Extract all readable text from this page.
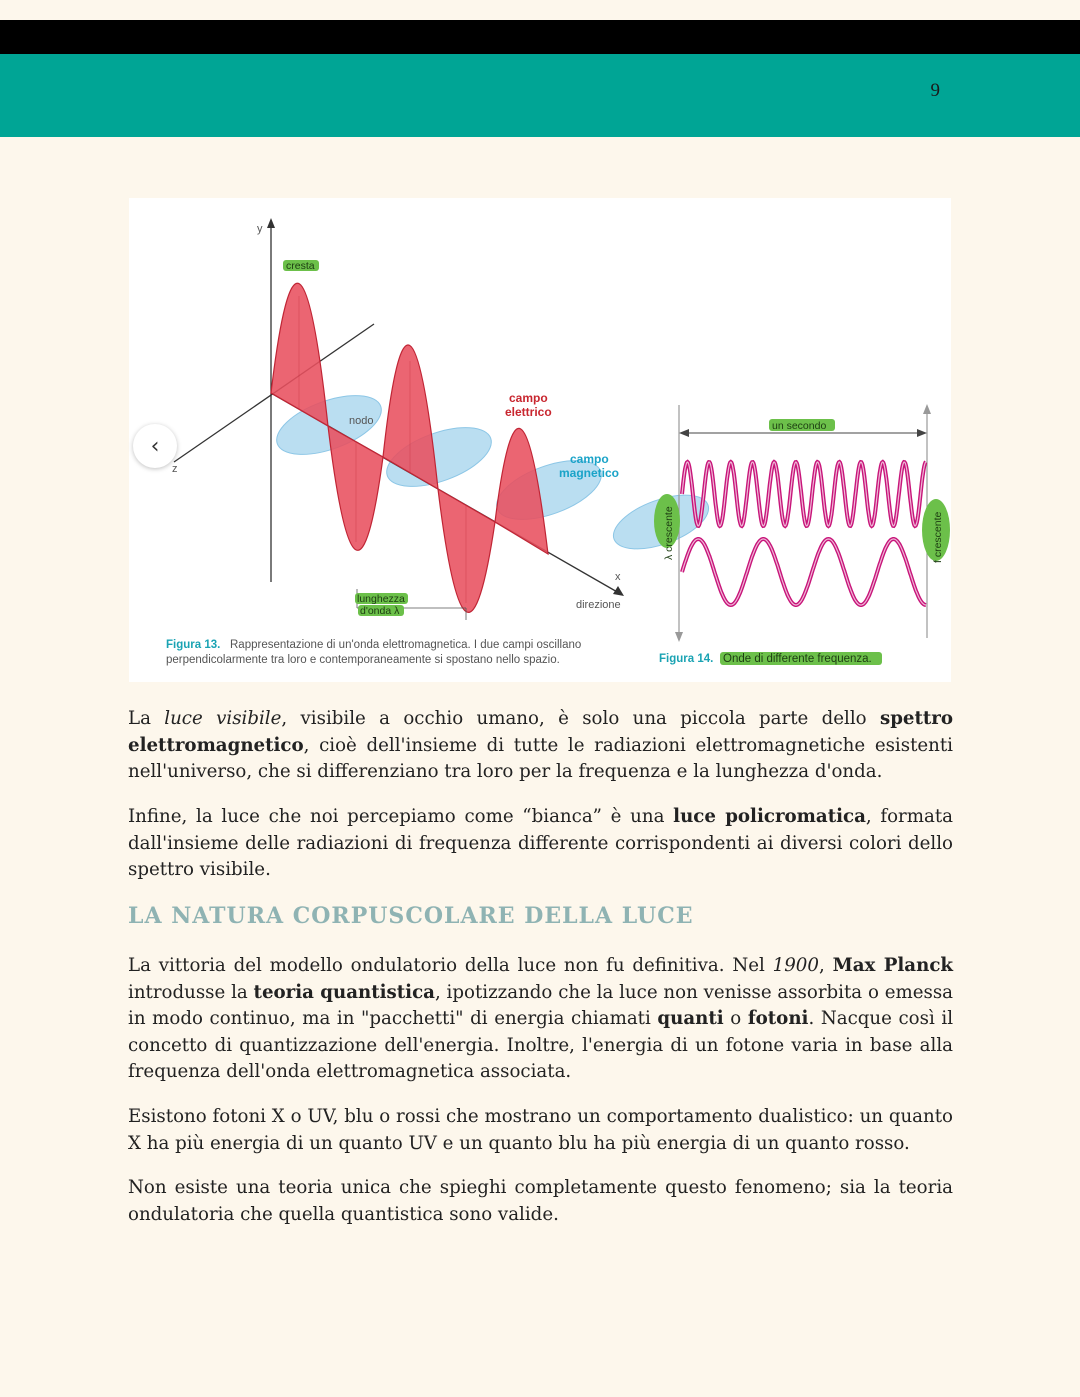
9
y
z
x
cresta
nodo
campo
elettrico
campo
magnetico
lunghezza
d'onda λ	direzione
Figura 13. Rappresentazione di un'onda elettromagnetica. I due campi oscillano
perpendicolarmente tra loro e contemporaneamente si spostano nello spazio.
λ crescente	f crescente
un secondo
Figura 14. Onde di differente frequenza.
‹

La luce visibile, visibile a occhio umano, è solo una piccola parte dello spettro elettromagnetico, cioè dell'insieme di tutte le radiazioni elettromagnetiche esistenti nell'universo, che si differenziano tra loro per la frequenza e la lunghezza d'onda.

Infine, la luce che noi percepiamo come “bianca” è una luce policromatica, formata dall'insieme delle radiazioni di frequenza differente corrispondenti ai diversi colori dello spettro visibile.

LA NATURA CORPUSCOLARE DELLA LUCE

La vittoria del modello ondulatorio della luce non fu definitiva. Nel 1900, Max Planck introdusse la teoria quantistica, ipotizzando che la luce non venisse assorbita o emessa in modo continuo, ma in "pacchetti" di energia chiamati quanti o fotoni. Nacque così il concetto di quantizzazione dell'energia. Inoltre, l'energia di un fotone varia in base alla frequenza dell'onda elettromagnetica associata.

Esistono fotoni X o UV, blu o rossi che mostrano un comportamento dualistico: un quanto X ha più energia di un quanto UV e un quanto blu ha più energia di un quanto rosso.

Non esiste una teoria unica che spieghi completamente questo fenomeno; sia la teoria ondulatoria che quella quantistica sono valide.
